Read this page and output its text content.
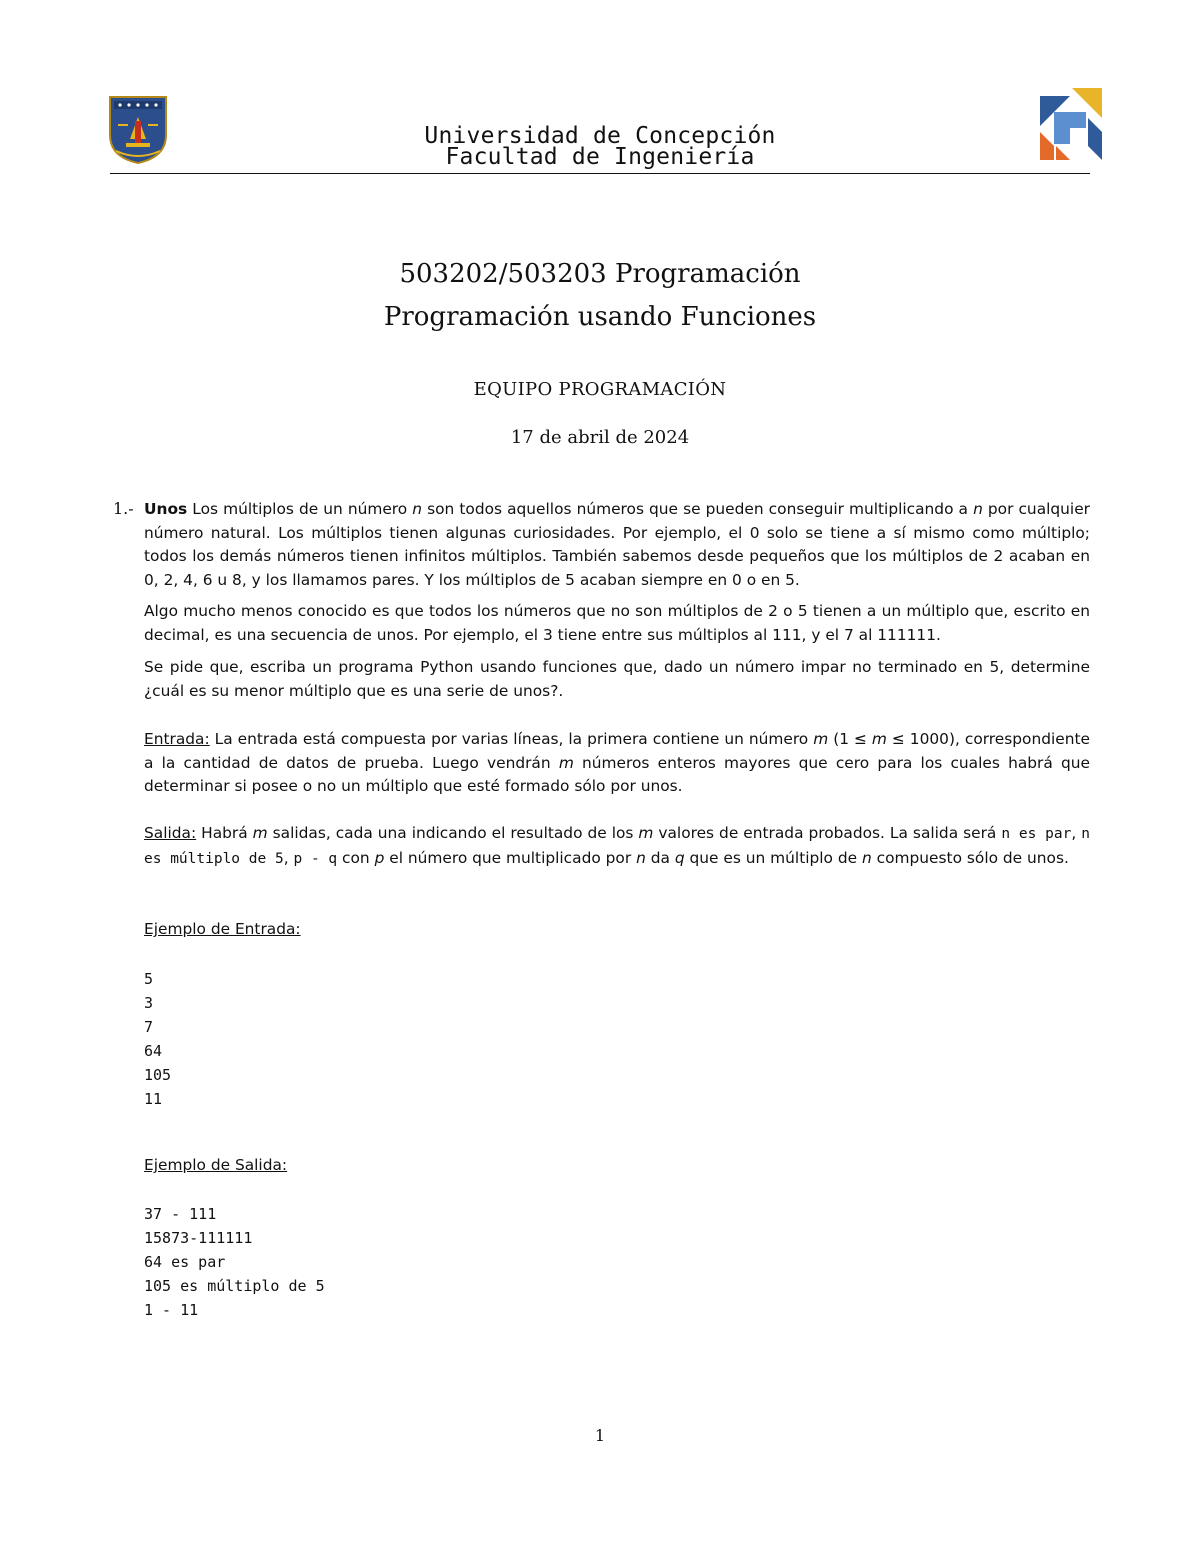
Universidad de Concepción
Facultad de Ingeniería
503202/503203 Programación
Programación usando Funciones
EQUIPO PROGRAMACIÓN
17 de abril de 2024
1.- Unos Los múltiplos de un número n son todos aquellos números que se pueden conseguir multiplicando a n por cualquier número natural. Los múltiplos tienen algunas curiosidades. Por ejemplo, el 0 solo se tiene a sí mismo como múltiplo; todos los demás números tienen infinitos múltiplos. También sabemos desde pequeños que los múltiplos de 2 acaban en 0, 2, 4, 6 u 8, y los llamamos pares. Y los múltiplos de 5 acaban siempre en 0 o en 5.

Algo mucho menos conocido es que todos los números que no son múltiplos de 2 o 5 tienen a un múltiplo que, escrito en decimal, es una secuencia de unos. Por ejemplo, el 3 tiene entre sus múltiplos al 111, y el 7 al 111111.

Se pide que, escriba un programa Python usando funciones que, dado un número impar no terminado en 5, determine ¿cuál es su menor múltiplo que es una serie de unos?.

Entrada: La entrada está compuesta por varias líneas, la primera contiene un número m (1 ≤ m ≤ 1000), correspondiente a la cantidad de datos de prueba. Luego vendrán m números enteros mayores que cero para los cuales habrá que determinar si posee o no un múltiplo que esté formado sólo por unos.

Salida: Habrá m salidas, cada una indicando el resultado de los m valores de entrada probados. La salida será n es par, n es múltiplo de 5, p - q con p el número que multiplicado por n da q que es un múltiplo de n compuesto sólo de unos.

Ejemplo de Entrada:
5
3
7
64
105
11
Ejemplo de Salida:
37 - 111
15873-111111
64 es par
105 es múltiplo de 5
1 - 11
1
